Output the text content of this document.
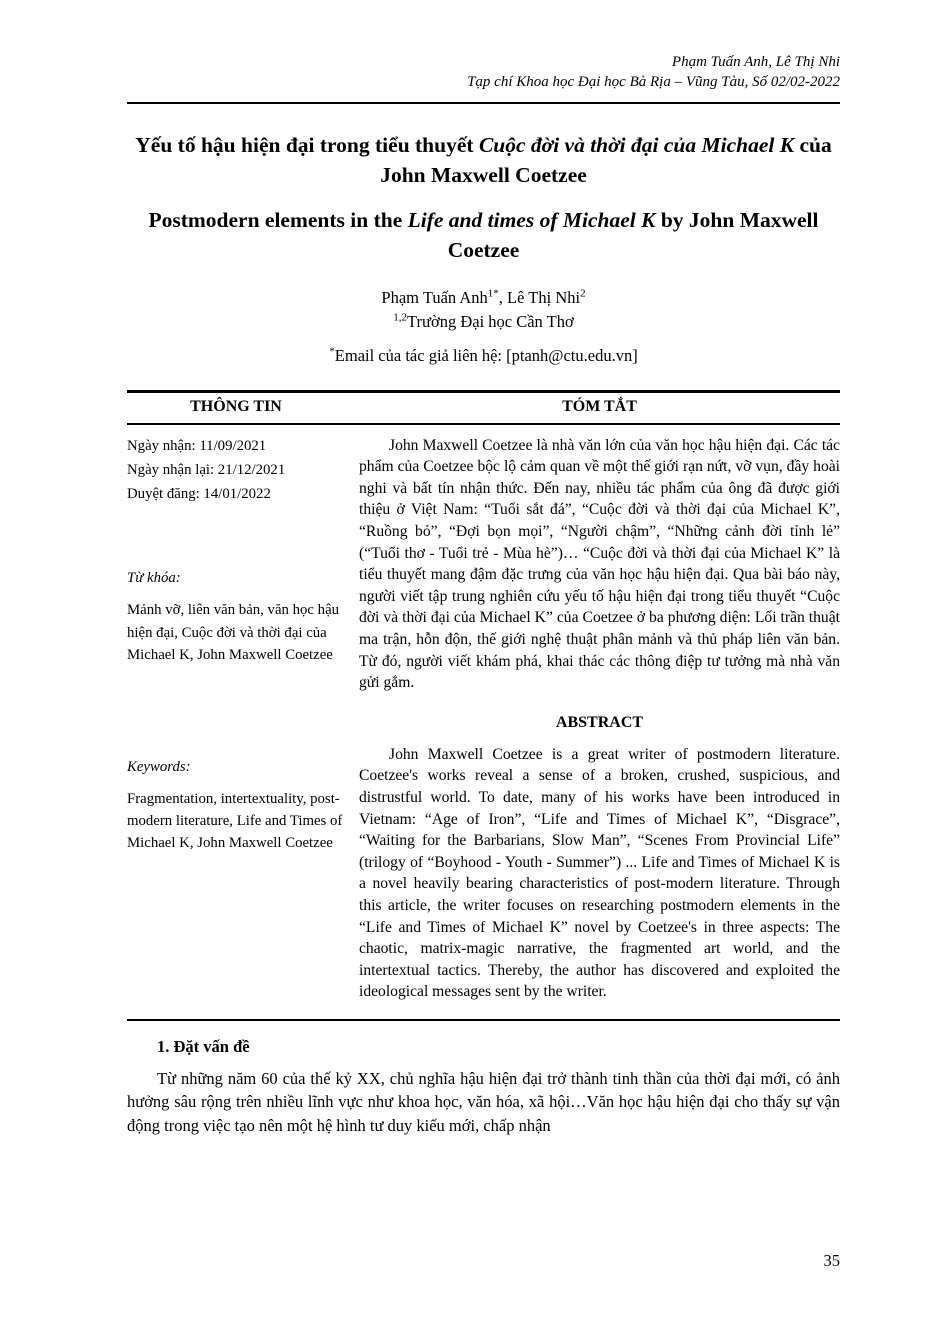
Phạm Tuấn Anh, Lê Thị Nhi
Tạp chí Khoa học Đại học Bà Rịa – Vũng Tàu, Số 02/02-2022
Yếu tố hậu hiện đại trong tiểu thuyết Cuộc đời và thời đại của Michael K của John Maxwell Coetzee
Postmodern elements in the Life and times of Michael K by John Maxwell Coetzee
Phạm Tuấn Anh$^{1*}$, Lê Thị Nhi$^2$
$^{1,2}$Trường Đại học Cần Thơ
*Email của tác giả liên hệ: [ptanh@ctu.edu.vn]
THÔNG TIN	TÓM TẮT
Ngày nhận: 11/09/2021
Ngày nhận lại: 21/12/2021
Duyệt đăng: 14/01/2022
Từ khóa:
Mảnh vỡ, liên văn bản, văn học hậu hiện đại, Cuộc đời và thời đại của Michael K, John Maxwell Coetzee
Keywords:
Fragmentation, intertextuality, post-modern literature, Life and Times of Michael K, John Maxwell Coetzee

John Maxwell Coetzee là nhà văn lớn của văn học hậu hiện đại. Các tác phẩm của Coetzee bộc lộ cảm quan về một thế giới rạn nứt, vỡ vụn, đầy hoài nghi và bất tín nhận thức. Đến nay, nhiều tác phẩm của ông đã được giới thiệu ở Việt Nam: “Tuổi sắt đá”, “Cuộc đời và thời đại của Michael K”, “Ruồng bỏ”, “Đợi bọn mọi”, “Người chậm”, “Những cảnh đời tỉnh lẻ” (“Tuổi thơ - Tuổi trẻ - Mùa hè”)… “Cuộc đời và thời đại của Michael K” là tiểu thuyết mang đậm đặc trưng của văn học hậu hiện đại. Qua bài báo này, người viết tập trung nghiên cứu yếu tố hậu hiện đại trong tiểu thuyết “Cuộc đời và thời đại của Michael K” của Coetzee ở ba phương diện: Lối trần thuật ma trận, hỗn độn, thế giới nghệ thuật phân mảnh và thủ pháp liên văn bản. Từ đó, người viết khám phá, khai thác các thông điệp tư tưởng mà nhà văn gửi gắm.

ABSTRACT

John Maxwell Coetzee is a great writer of postmodern literature. Coetzee's works reveal a sense of a broken, crushed, suspicious, and distrustful world. To date, many of his works have been introduced in Vietnam: “Age of Iron”, “Life and Times of Michael K”, “Disgrace”, “Waiting for the Barbarians, Slow Man”, “Scenes From Provincial Life” (trilogy of “Boyhood - Youth - Summer”) ... Life and Times of Michael K is a novel heavily bearing characteristics of post-modern literature. Through this article, the writer focuses on researching postmodern elements in the “Life and Times of Michael K” novel by Coetzee's in three aspects: The chaotic, matrix-magic narrative, the fragmented art world, and the intertextual tactics. Thereby, the author has discovered and exploited the ideological messages sent by the writer.

1. Đặt vấn đề

Từ những năm 60 của thế kỷ XX, chủ nghĩa hậu hiện đại trở thành tinh thần của thời đại mới, có ảnh hưởng sâu rộng trên nhiều lĩnh vực như khoa học, văn hóa, xã hội…Văn học hậu hiện đại cho thấy sự vận động trong việc tạo nên một hệ hình tư duy kiểu mới, chấp nhận

35
